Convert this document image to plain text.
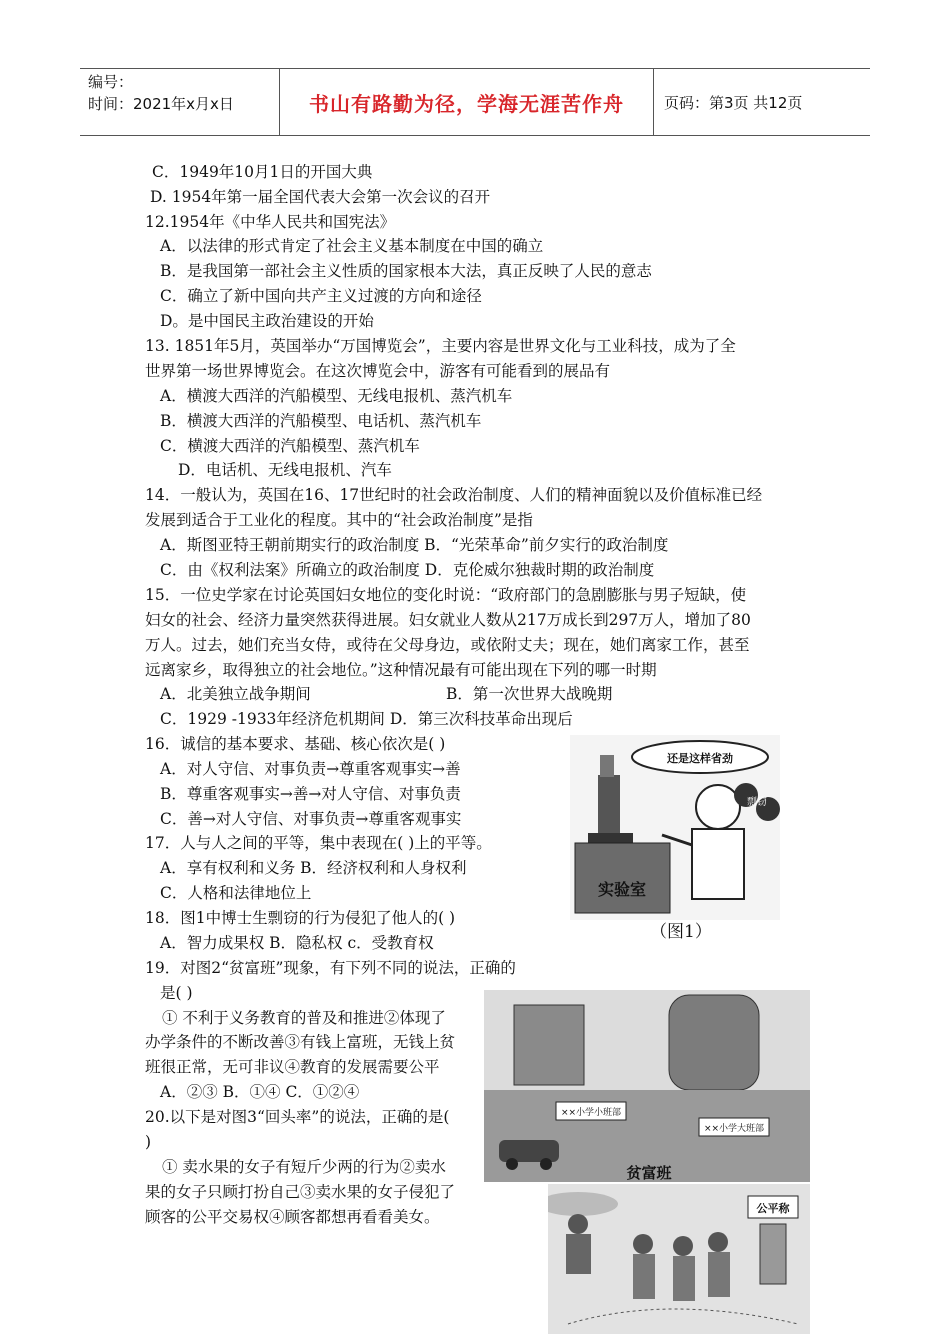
编号：
时间：2021年x月x日	书山有路勤为径，学海无涯苦作舟	页码：第3页 共12页
C．1949年10月1日的开国大典
D. 1954年第一届全国代表大会第一次会议的召开
12.1954年《中华人民共和国宪法》
A．以法律的形式肯定了社会主义基本制度在中国的确立
B．是我国第一部社会主义性质的国家根本大法，真正反映了人民的意志
C．确立了新中国向共产主义过渡的方向和途径
D。是中国民主政治建设的开始
13. 1851年5月，英国举办“万国博览会”，主要内容是世界文化与工业科技，成为了全
世界第一场世界博览会。在这次博览会中，游客有可能看到的展品有
A．横渡大西洋的汽船模型、无线电报机、蒸汽机车
B．横渡大西洋的汽船模型、电话机、蒸汽机车
C．横渡大西洋的汽船模型、蒸汽机车
D．电话机、无线电报机、汽车
14．一般认为，英国在16、17世纪时的社会政治制度、人们的精神面貌以及价值标准已经
发展到适合于工业化的程度。其中的“社会政治制度”是指
A．斯图亚特王朝前期实行的政治制度 B．“光荣革命”前夕实行的政治制度
C．由《权利法案》所确立的政治制度 D．克伦威尔独裁时期的政治制度
15．一位史学家在讨论英国妇女地位的变化时说：“政府部门的急剧膨胀与男子短缺，使
妇女的社会、经济力量突然获得进展。妇女就业人数从217万成长到297万人，增加了80
万人。过去，她们充当女侍，或待在父母身边，或依附丈夫；现在，她们离家工作，甚至
远离家乡，取得独立的社会地位。”这种情况最有可能出现在下列的哪一时期
A．北美独立战争期间	B．第一次世界大战晚期
C．1929 -1933年经济危机期间 D．第三次科技革命出现后
16．诚信的基本要求、基础、核心依次是( )
A．对人守信、对事负责→尊重客观事实→善
B．尊重客观事实→善→对人守信、对事负责
C．善→对人守信、对事负责→尊重客观事实
17．人与人之间的平等，集中表现在( )上的平等。
A．享有权利和义务 B．经济权利和人身权利
C．人格和法律地位上
18．图1中博士生剽窃的行为侵犯了他人的( )
A．智力成果权 B．隐私权 c．受教育权
19．对图2“贫富班”现象，有下列不同的说法，正确的
是( )
① 不利于义务教育的普及和推进②体现了
办学条件的不断改善③有钱上富班，无钱上贫
班很正常，无可非议④教育的发展需要公平
A．②③ B．①④ C．①②④
20.以下是对图3“回头率”的说法，正确的是(
)
① 卖水果的女子有短斤少两的行为②卖水
果的女子只顾打扮自己③卖水果的女子侵犯了
顾客的公平交易权④顾客都想再看看美女。
还是这样省劲
实验室
剽窃
（图1）
××小学小班部
××小学大班部
贫富班
公平称
